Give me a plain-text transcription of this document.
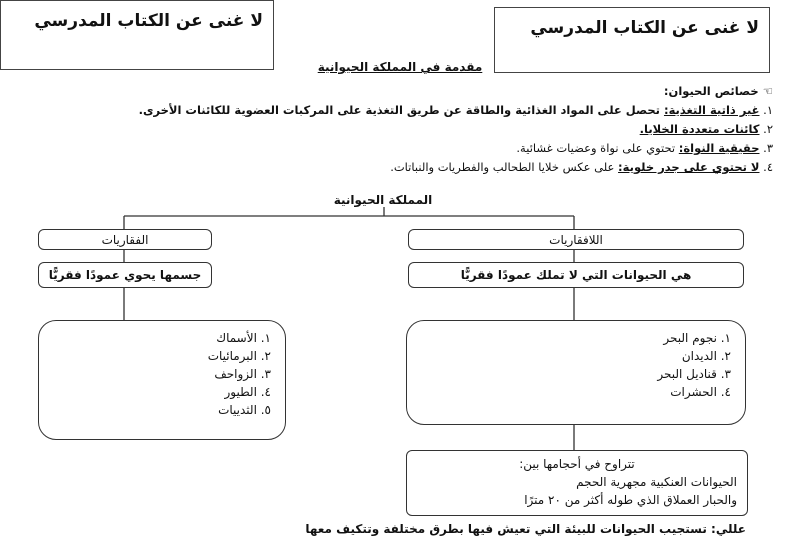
لا غنى عن الكتاب المدرسي	لا غنى عن الكتاب المدرسي
مقدمة في المملكة الحيوانية
☜ خصائص الحيوان:
١. غير ذاتية التغذية: تحصل على المواد الغذائية والطاقة عن طريق التغذية على المركبات العضوية للكائنات الأخرى.
٢. كائنات متعددة الخلايا.
٣. حقيقية النواة: تحتوي على نواة وعضيات غشائية.
٤. لا تحتوي على جدر خلوية: على عكس خلايا الطحالب والفطريات والنباتات.
المملكة الحيوانية
الفقاريات
جسمها يحوي عمودًا فقريًّا
١. الأسماك
٢. البرمائيات
٣. الزواحف
٤. الطيور
٥. الثدييات
اللافقاريات
هي الحيوانات التي لا تملك عمودًا فقريًّا
١. نجوم البحر
٢. الديدان
٣. قناديل البحر
٤. الحشرات
تتراوح في أحجامها بين:
الحيوانات العنكبية مجهرية الحجم
والحبار العملاق الذي طوله أكثر من ٢٠ مترًا
عللي: تستجيب الحيوانات للبيئة التي تعيش فيها بطرق مختلفة وتتكيف معها
